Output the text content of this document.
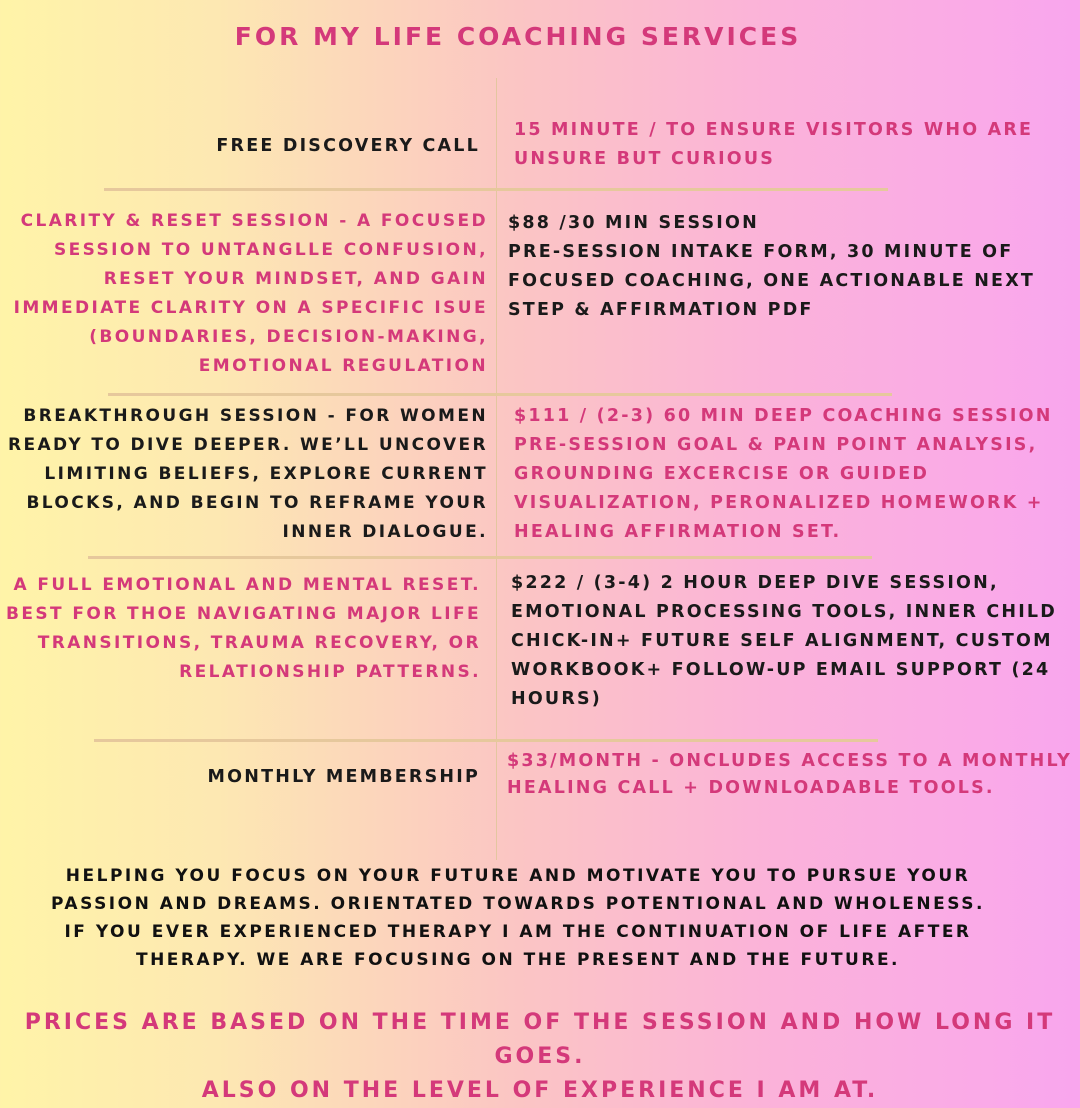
FOR MY LIFE COACHING SERVICES
FREE DISCOVERY CALL
15 MINUTE / TO ENSURE VISITORS WHO ARE UNSURE BUT CURIOUS
CLARITY & RESET SESSION - A FOCUSED SESSION TO UNTANGLLE CONFUSION, RESET YOUR MINDSET, AND GAIN IMMEDIATE CLARITY ON A SPECIFIC ISUE (BOUNDARIES, DECISION-MAKING, EMOTIONAL REGULATION
$88 /30 MIN SESSION
PRE-SESSION INTAKE FORM, 30 MINUTE OF FOCUSED COACHING, ONE ACTIONABLE NEXT STEP & AFFIRMATION PDF
BREAKTHROUGH SESSION - FOR WOMEN READY TO DIVE DEEPER. WE’LL UNCOVER LIMITING BELIEFS, EXPLORE CURRENT BLOCKS, AND BEGIN TO REFRAME YOUR INNER DIALOGUE.
$111 / (2-3) 60 MIN DEEP COACHING SESSION
PRE-SESSION GOAL & PAIN POINT ANALYSIS, GROUNDING EXCERCISE OR GUIDED VISUALIZATION, PERONALIZED HOMEWORK + HEALING AFFIRMATION SET.
A FULL EMOTIONAL AND MENTAL RESET. BEST FOR THOE NAVIGATING MAJOR LIFE TRANSITIONS, TRAUMA RECOVERY, OR RELATIONSHIP PATTERNS.
$222 / (3-4) 2 HOUR DEEP DIVE SESSION, EMOTIONAL PROCESSING TOOLS, INNER CHILD CHICK-IN+ FUTURE SELF ALIGNMENT, CUSTOM WORKBOOK+ FOLLOW-UP EMAIL SUPPORT (24 HOURS)
MONTHLY MEMBERSHIP
$33/MONTH - ONCLUDES ACCESS TO A MONTHLY HEALING CALL + DOWNLOADABLE TOOLS.
HELPING YOU FOCUS ON YOUR FUTURE AND MOTIVATE YOU TO PURSUE YOUR
PASSION AND DREAMS. ORIENTATED TOWARDS POTENTIONAL AND WHOLENESS.
IF YOU EVER EXPERIENCED THERAPY I AM THE CONTINUATION OF LIFE AFTER
THERAPY. WE ARE FOCUSING ON THE PRESENT AND THE FUTURE.
PRICES ARE BASED ON THE TIME OF THE SESSION AND HOW LONG IT GOES.
ALSO ON THE LEVEL OF EXPERIENCE I AM AT.
